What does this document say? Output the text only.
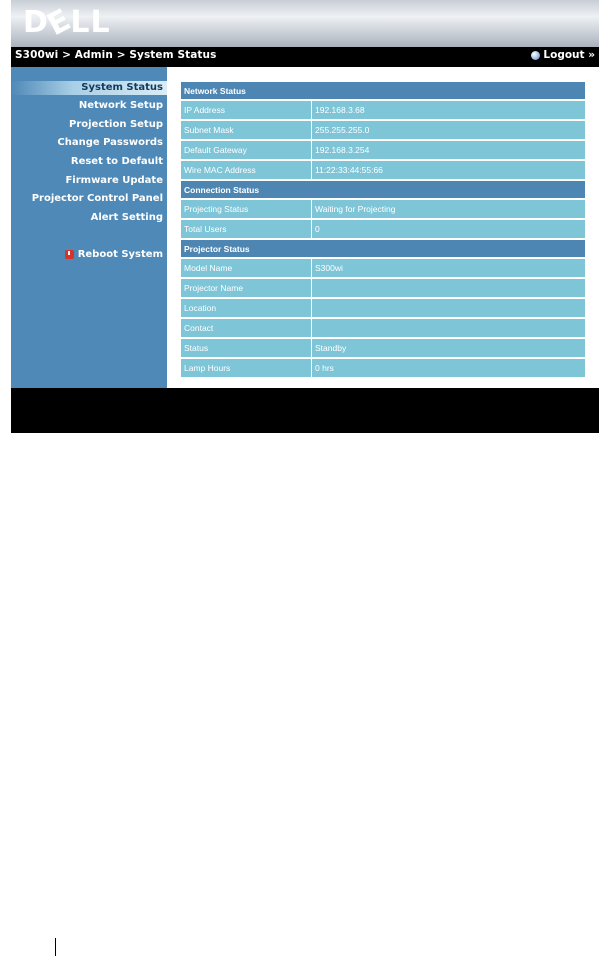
DELL
S300wi > Admin > System Status	Logout »
System Status
Network Setup
Projection Setup
Change Passwords
Reset to Default
Firmware Update
Projector Control Panel
Alert Setting
Reboot System
Network Status	
IP Address	192.168.3.68
Subnet Mask	255.255.255.0
Default Gateway	192.168.3.254
Wire MAC Address	11:22:33:44:55:66
Connection Status	
Projecting Status	Waiting for Projecting
Total Users	0
Projector Status	
Model Name	S300wi
Projector Name	
Location	
Contact	
Status	Standby
Lamp Hours	0 hrs
